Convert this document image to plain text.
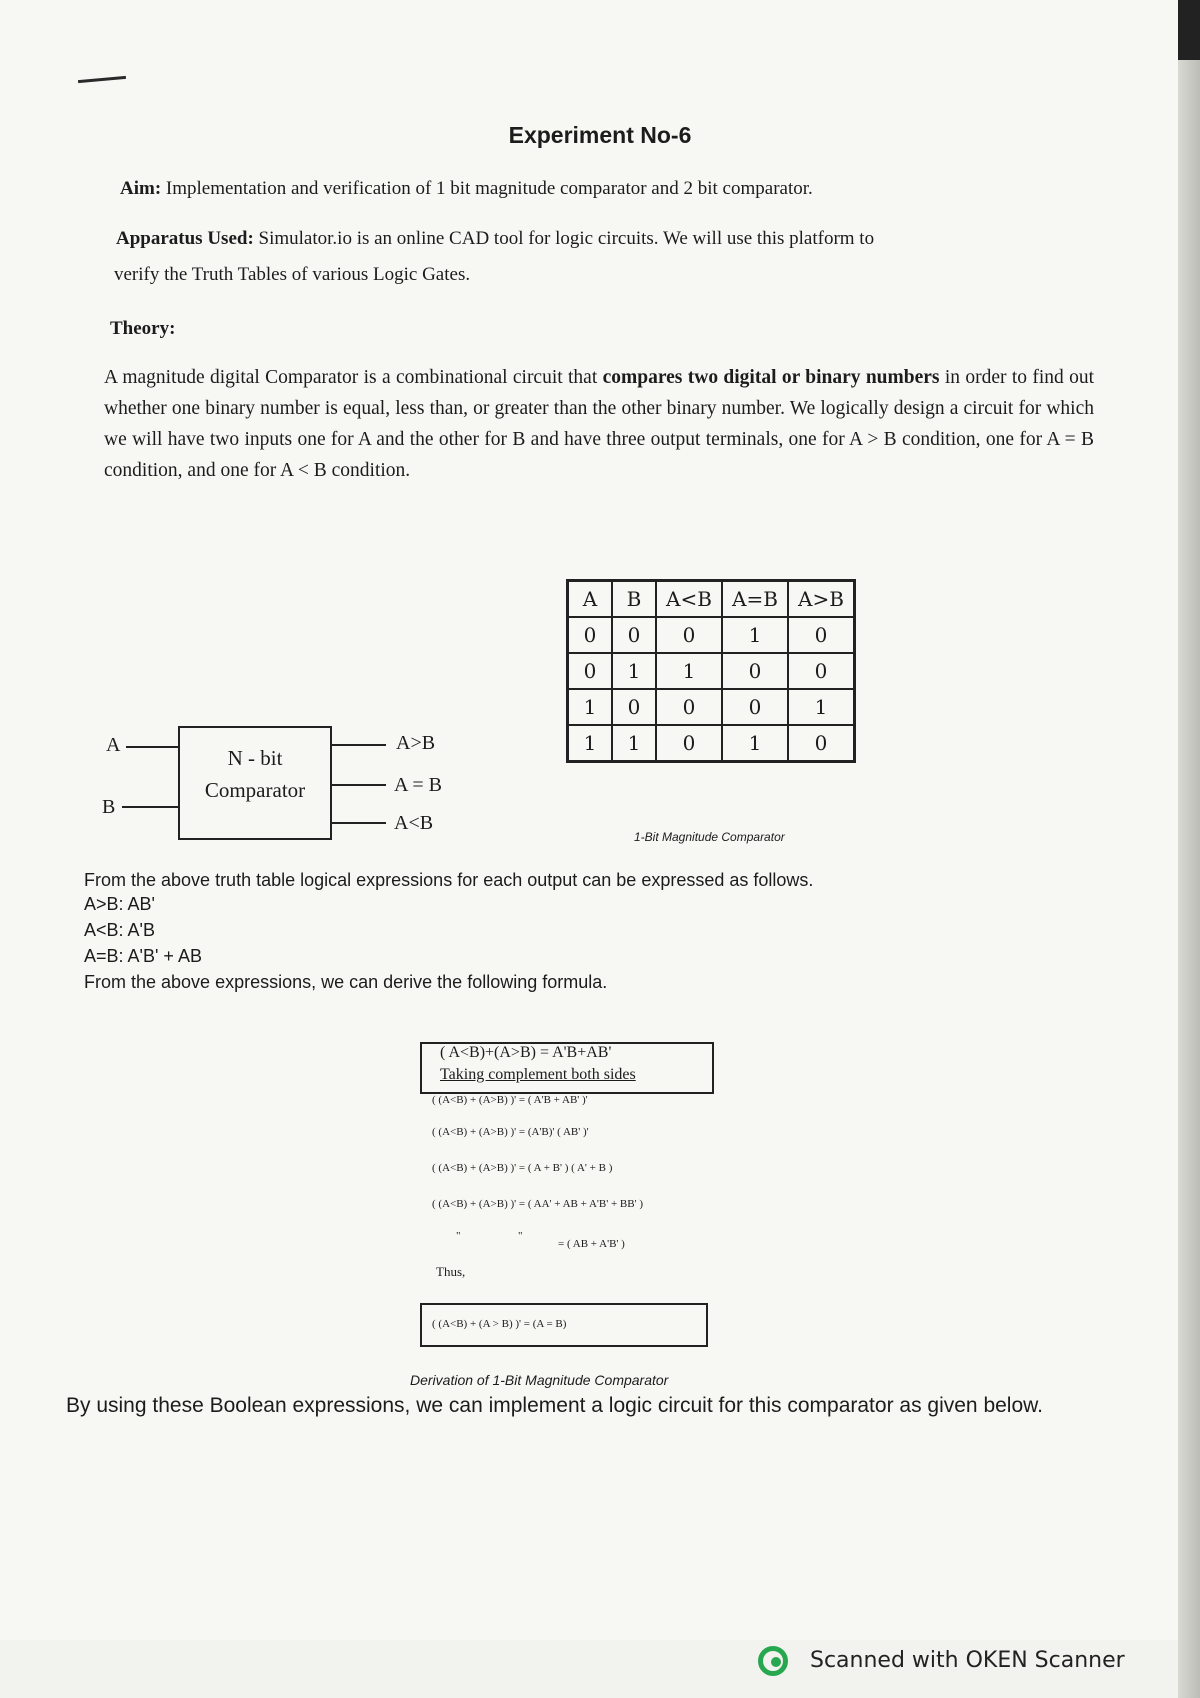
Experiment No-6
Aim: Implementation and verification of 1 bit magnitude comparator and 2 bit comparator.
Apparatus Used: Simulator.io is an online CAD tool for logic circuits. We will use this platform to
verify the Truth Tables of various Logic Gates.
Theory:
A magnitude digital Comparator is a combinational circuit that compares two digital or binary numbers in order to find out whether one binary number is equal, less than, or greater than the other binary number. We logically design a circuit for which we will have two inputs one for A and the other for B and have three output terminals, one for A > B condition, one for A = B condition, and one for A < B condition.
A
B
N - bit
Comparator
A>B
A = B
A<B
A	B	A<B	A=B	A>B
0	0	0	1	0
0	1	1	0	0
1	0	0	0	1
1	1	0	1	0
1-Bit Magnitude Comparator
From the above truth table logical expressions for each output can be expressed as follows.
A>B: AB'
A<B: A'B
A=B: A'B' + AB
From the above expressions, we can derive the following formula.
( A<B)+(A>B) = A'B+AB'
Taking complement both sides
( (A<B) + (A>B) )' = ( A'B + AB' )'
( (A<B) + (A>B) )' = (A'B)' ( AB' )'
( (A<B) + (A>B) )' = ( A + B' ) ( A' + B )
( (A<B) + (A>B) )' = ( AA' + AB + A'B' + BB' )
"	"
= ( AB + A'B' )
Thus,
( (A<B) + (A > B) )' = (A = B)
Derivation of 1-Bit Magnitude Comparator
By using these Boolean expressions, we can implement a logic circuit for this comparator as given below.
Scanned with OKEN Scanner
